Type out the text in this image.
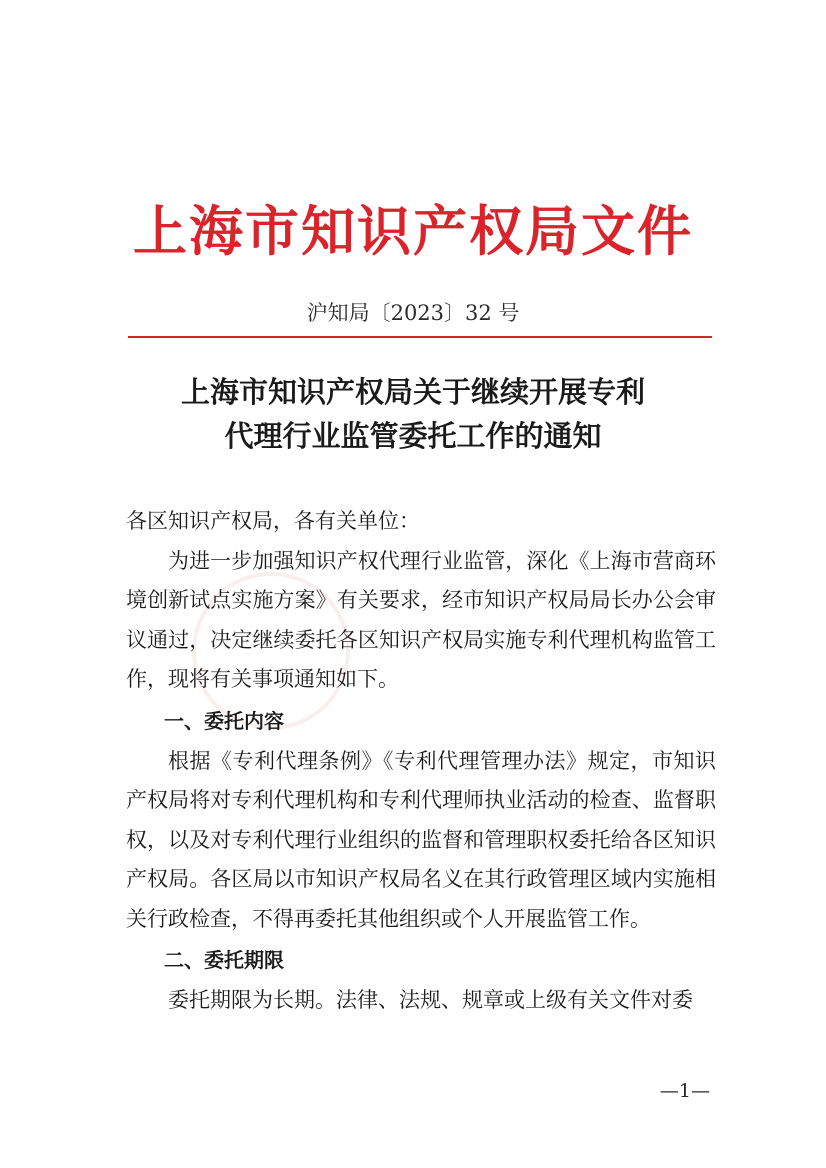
上海市知识产权局文件
沪知局〔2023〕32 号
上海市知识产权局关于继续开展专利
代理行业监管委托工作的通知

各区知识产权局，各有关单位：

为进一步加强知识产权代理行业监管，深化《上海市营商环境创新试点实施方案》有关要求，经市知识产权局局长办公会审议通过，决定继续委托各区知识产权局实施专利代理机构监管工作，现将有关事项通知如下。

一、委托内容

根据《专利代理条例》《专利代理管理办法》规定，市知识产权局将对专利代理机构和专利代理师执业活动的检查、监督职权，以及对专利代理行业组织的监督和管理职权委托给各区知识产权局。各区局以市知识产权局名义在其行政管理区域内实施相关行政检查，不得再委托其他组织或个人开展监管工作。

二、委托期限

委托期限为长期。法律、法规、规章或上级有关文件对委

—1—
